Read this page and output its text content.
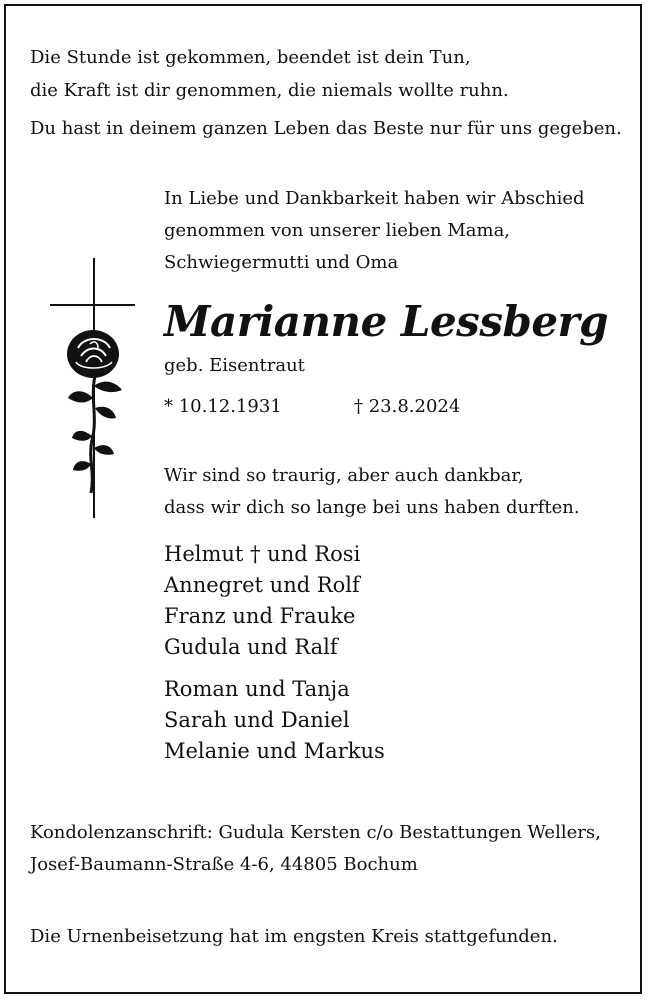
Die Stunde ist gekommen, beendet ist dein Tun,
die Kraft ist dir genommen, die niemals wollte ruhn.
Du hast in deinem ganzen Leben das Beste nur für uns gegeben.
In Liebe und Dankbarkeit haben wir Abschied
genommen von unserer lieben Mama,
Schwiegermutti und Oma
Marianne Lessberg
geb. Eisentraut
* 10.12.1931	† 23.8.2024
Wir sind so traurig, aber auch dankbar,
dass wir dich so lange bei uns haben durften.
Helmut † und Rosi
Annegret und Rolf
Franz und Frauke
Gudula und Ralf
Roman und Tanja
Sarah und Daniel
Melanie und Markus
Kondolenzanschrift: Gudula Kersten c/o Bestattungen Wellers,
Josef-Baumann-Straße 4-6, 44805 Bochum
Die Urnenbeisetzung hat im engsten Kreis stattgefunden.
